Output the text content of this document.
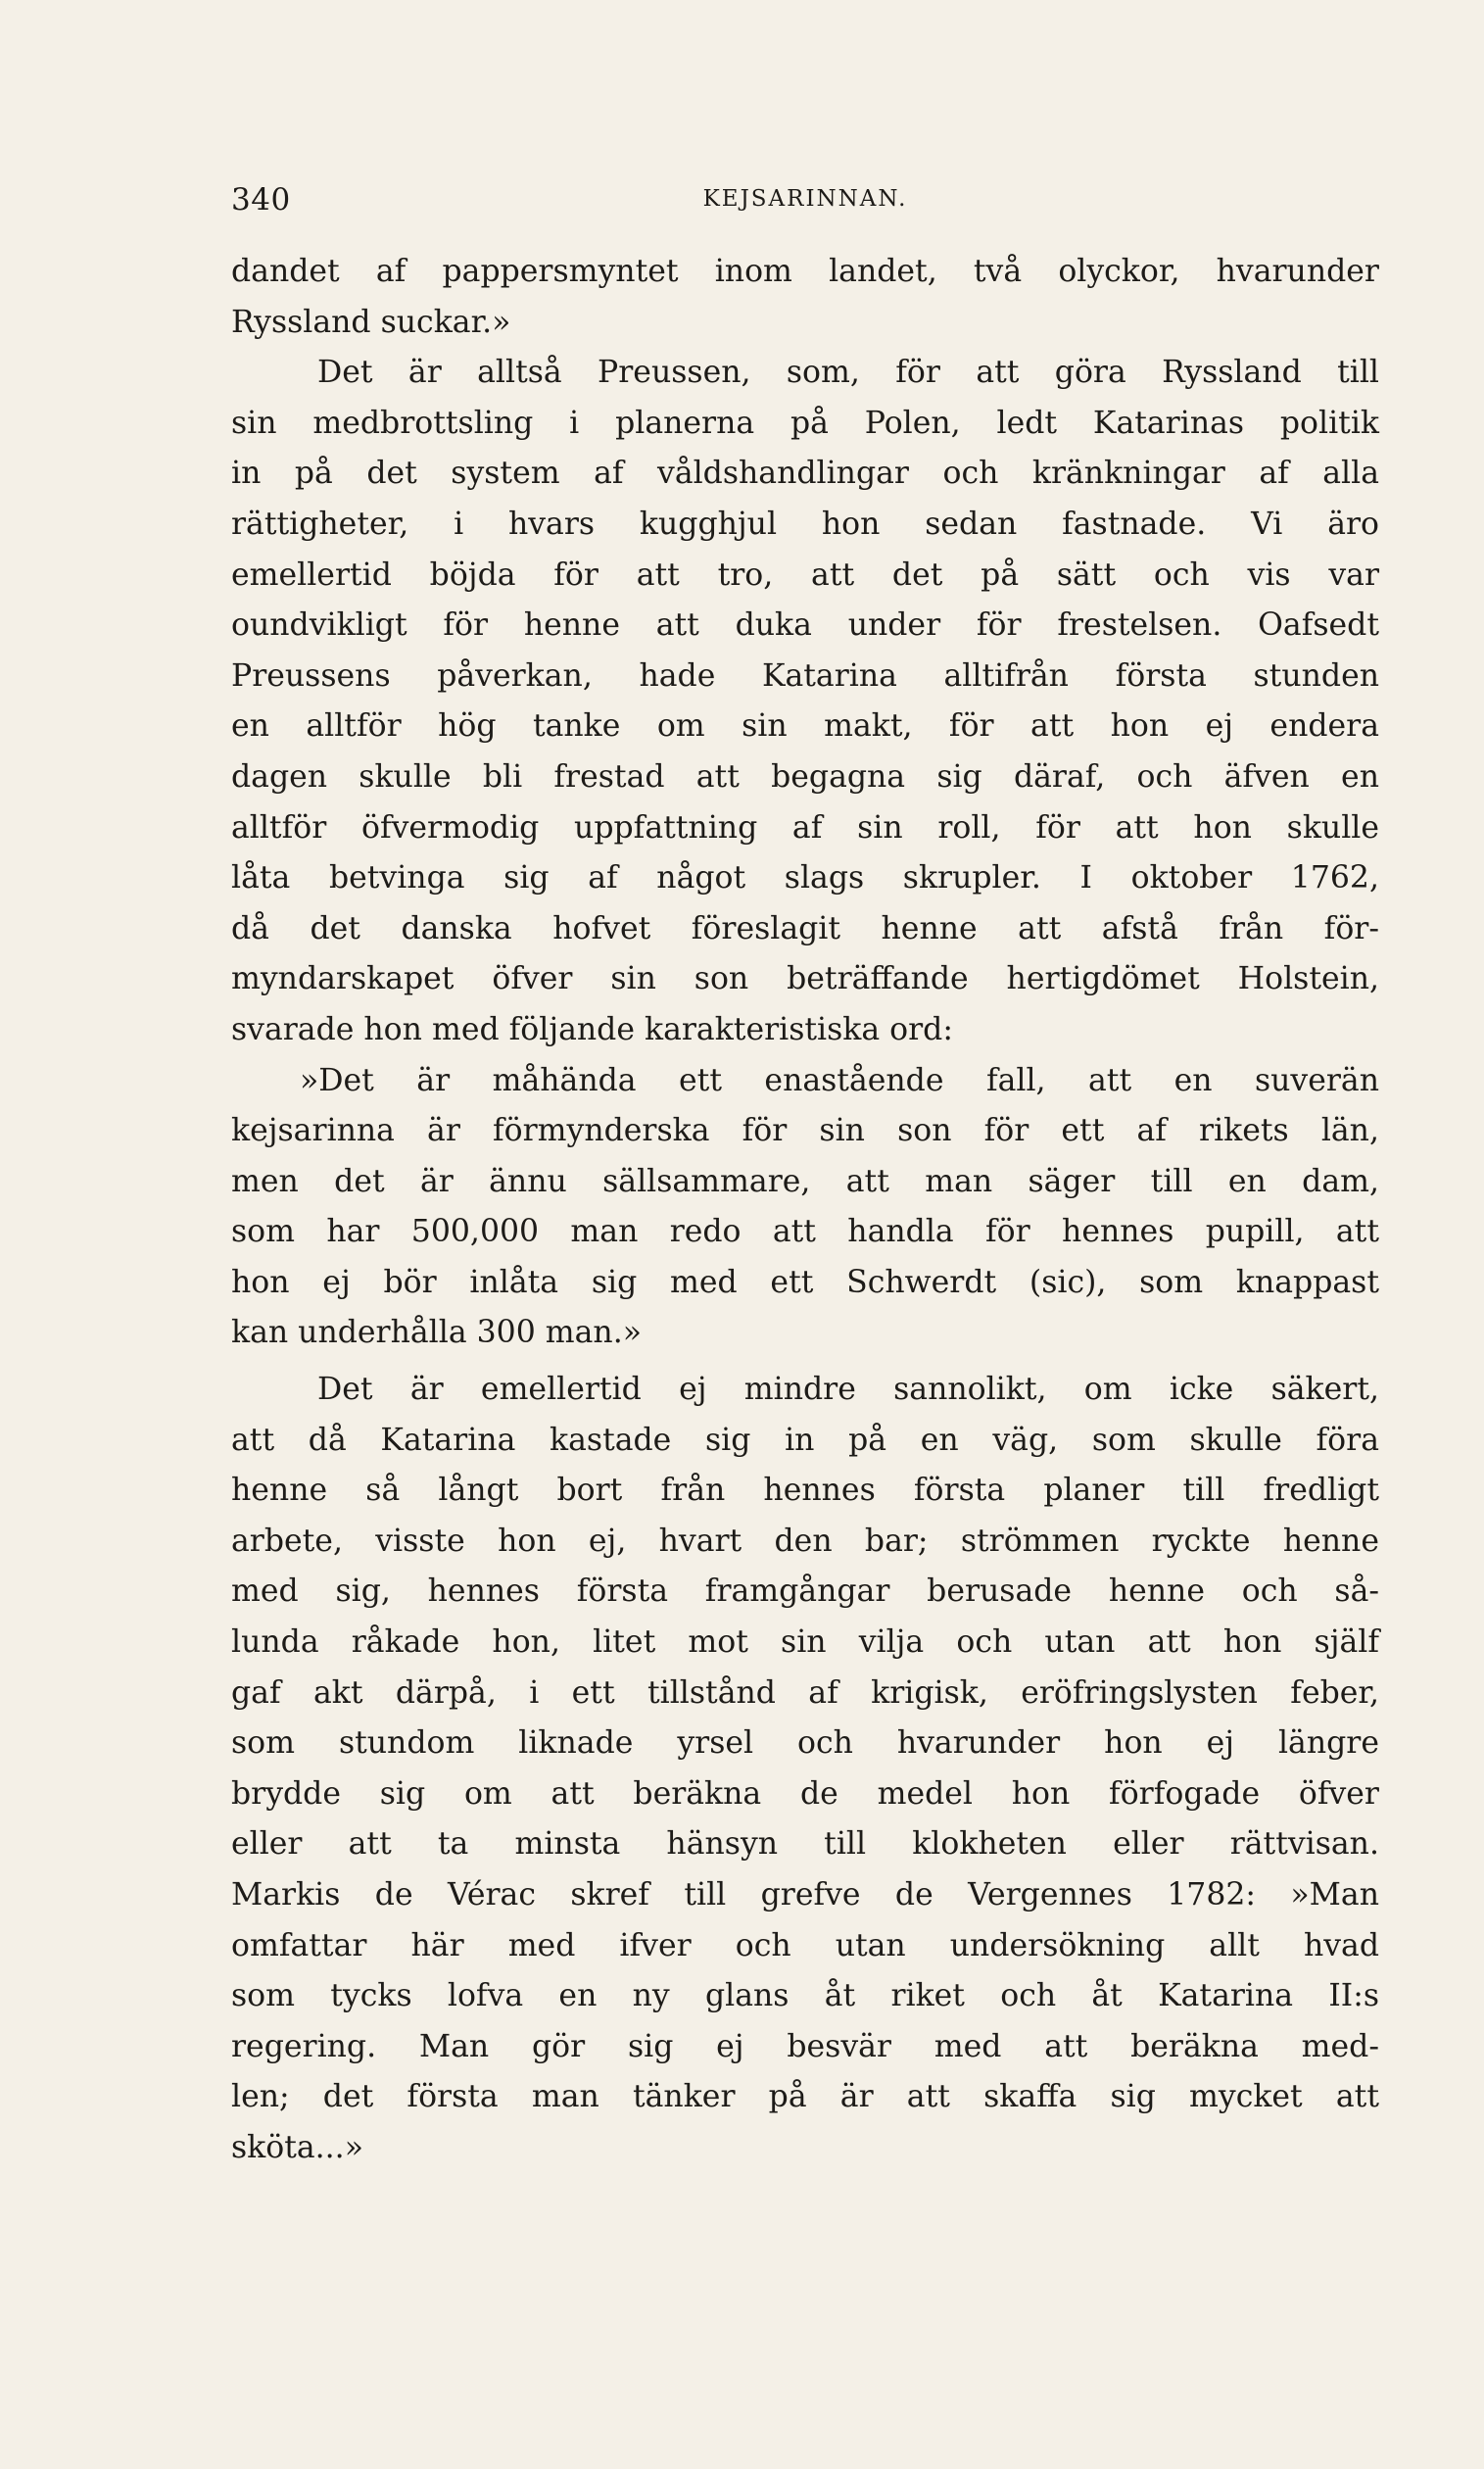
340	KEJSARINNAN.
dandet af pappersmyntet inom landet, två olyckor, hvarunder
Ryssland suckar.»
Det är alltså Preussen, som, för att göra Ryssland till
sin medbrottsling i planerna på Polen, ledt Katarinas politik
in på det system af våldshandlingar och kränkningar af alla
rättigheter, i hvars kugghjul hon sedan fastnade. Vi äro
emellertid böjda för att tro, att det på sätt och vis var
oundvikligt för henne att duka under för frestelsen. Oafsedt
Preussens påverkan, hade Katarina alltifrån första stunden
en alltför hög tanke om sin makt, för att hon ej endera
dagen skulle bli frestad att begagna sig däraf, och äfven en
alltför öfvermodig uppfattning af sin roll, för att hon skulle
låta betvinga sig af något slags skrupler. I oktober 1762,
då det danska hofvet föreslagit henne att afstå från för-
myndarskapet öfver sin son beträffande hertigdömet Holstein,
svarade hon med följande karakteristiska ord:
»Det är måhända ett enastående fall, att en suverän
kejsarinna är förmynderska för sin son för ett af rikets län,
men det är ännu sällsammare, att man säger till en dam,
som har 500,000 man redo att handla för hennes pupill, att
hon ej bör inlåta sig med ett Schwerdt (sic), som knappast
kan underhålla 300 man.»
Det är emellertid ej mindre sannolikt, om icke säkert,
att då Katarina kastade sig in på en väg, som skulle föra
henne så långt bort från hennes första planer till fredligt
arbete, visste hon ej, hvart den bar; strömmen ryckte henne
med sig, hennes första framgångar berusade henne och så-
lunda råkade hon, litet mot sin vilja och utan att hon själf
gaf akt därpå, i ett tillstånd af krigisk, eröfringslysten feber,
som stundom liknade yrsel och hvarunder hon ej längre
brydde sig om att beräkna de medel hon förfogade öfver
eller att ta minsta hänsyn till klokheten eller rättvisan.
Markis de Vérac skref till grefve de Vergennes 1782: »Man
omfattar här med ifver och utan undersökning allt hvad
som tycks lofva en ny glans åt riket och åt Katarina II:s
regering. Man gör sig ej besvär med att beräkna med-
len; det första man tänker på är att skaffa sig mycket att
sköta...»
